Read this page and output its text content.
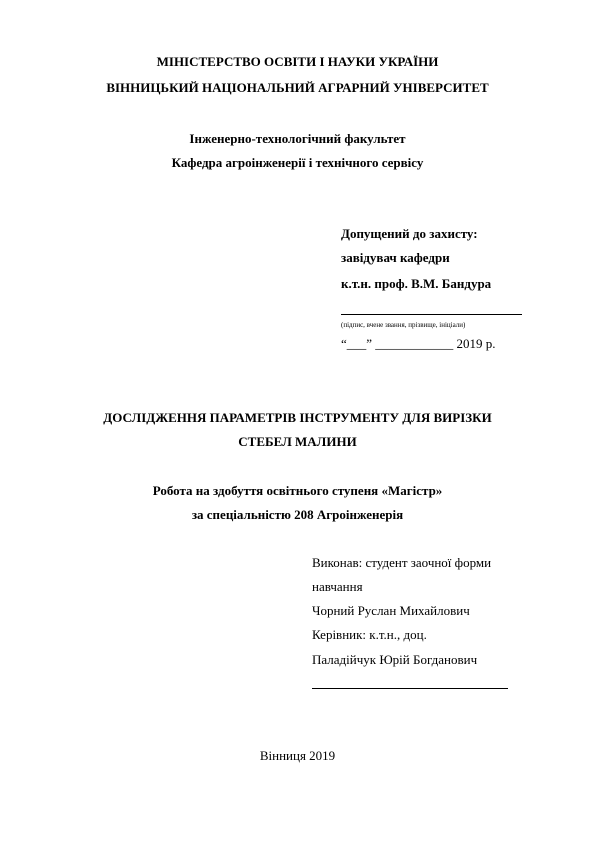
МІНІСТЕРСТВО ОСВІТИ І НАУКИ УКРАЇНИ
ВІННИЦЬКИЙ НАЦІОНАЛЬНИЙ АГРАРНИЙ УНІВЕРСИТЕТ
Інженерно-технологічний факультет
Кафедра агроінженерії і технічного сервісу
Допущений до захисту:
завідувач кафедри
к.т.н. проф. В.М. Бандура
(підпис, вчене звання, прізвище, ініціали)
“___” ____________ 2019 р.
ДОСЛІДЖЕННЯ ПАРАМЕТРІВ ІНСТРУМЕНТУ ДЛЯ ВИРІЗКИ
СТЕБЕЛ МАЛИНИ
Робота на здобуття освітнього ступеня «Магістр»
за спеціальністю 208 Агроінженерія
Виконав: студент заочної форми
навчання
Чорний Руслан Михайлович
Керівник: к.т.н., доц.
Паладійчук Юрій Богданович
Вінниця 2019
